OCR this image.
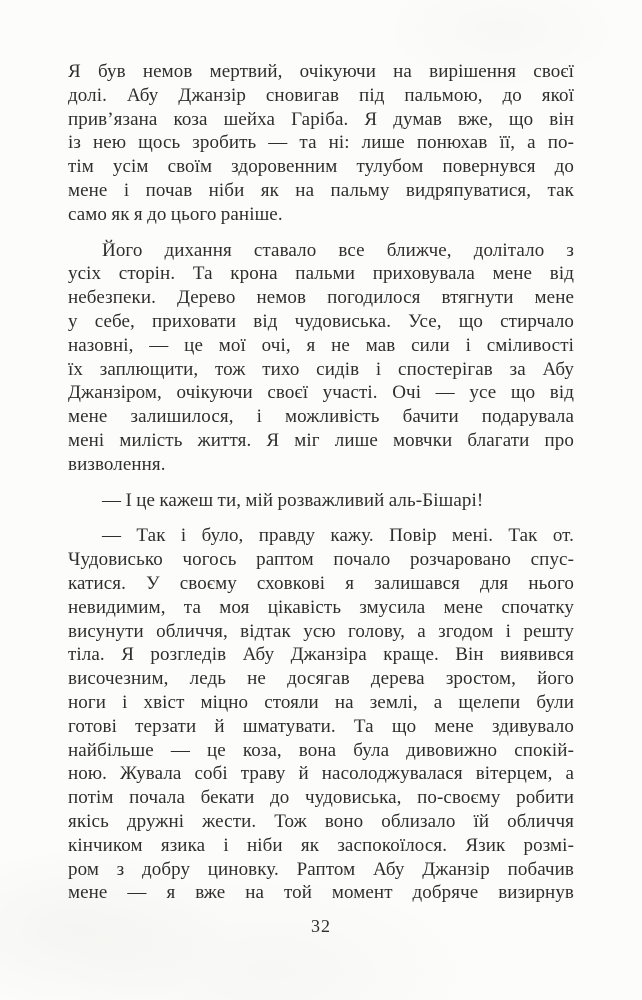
Я був немов мертвий, очікуючи на вирішення своєї
долі. Абу Джанзір сновигав під пальмою, до якої
прив’язана коза шейха Гаріба. Я думав вже, що він
із нею щось зробить — та ні: лише понюхав її, а по-
тім усім своїм здоровенним тулубом повернувся до
мене і почав ніби як на пальму видряпуватися, так
само як я до цього раніше.
Його дихання ставало все ближче, долітало з
усіх сторін. Та крона пальми приховувала мене від
небезпеки. Дерево немов погодилося втягнути мене
у себе, приховати від чудовиська. Усе, що стирчало
назовні, — це мої очі, я не мав сили і сміливості
їх заплющити, тож тихо сидів і спостерігав за Абу
Джанзіром, очікуючи своєї участі. Очі — усе що від
мене залишилося, і можливість бачити подарувала
мені милість життя. Я міг лише мовчки благати про
визволення.
— І це кажеш ти, мій розважливий аль-Бішарі!
— Так і було, правду кажу. Повір мені. Так от.
Чудовисько чогось раптом почало розчаровано спус-
катися. У своєму сховкові я залишався для нього
невидимим, та моя цікавість змусила мене спочатку
висунути обличчя, відтак усю голову, а згодом і решту
тіла. Я розгледів Абу Джанзіра краще. Він виявився
височезним, ледь не досягав дерева зростом, його
ноги і хвіст міцно стояли на землі, а щелепи були
готові терзати й шматувати. Та що мене здивувало
найбільше — це коза, вона була дивовижно спокій-
ною. Жувала собі траву й насолоджувалася вітерцем, а
потім почала бекати до чудовиська, по-своєму робити
якісь дружні жести. Тож воно облизало їй обличчя
кінчиком язика і ніби як заспокоїлося. Язик розмі-
ром з добру циновку. Раптом Абу Джанзір побачив
мене — я вже на той момент добряче визирнув
32
